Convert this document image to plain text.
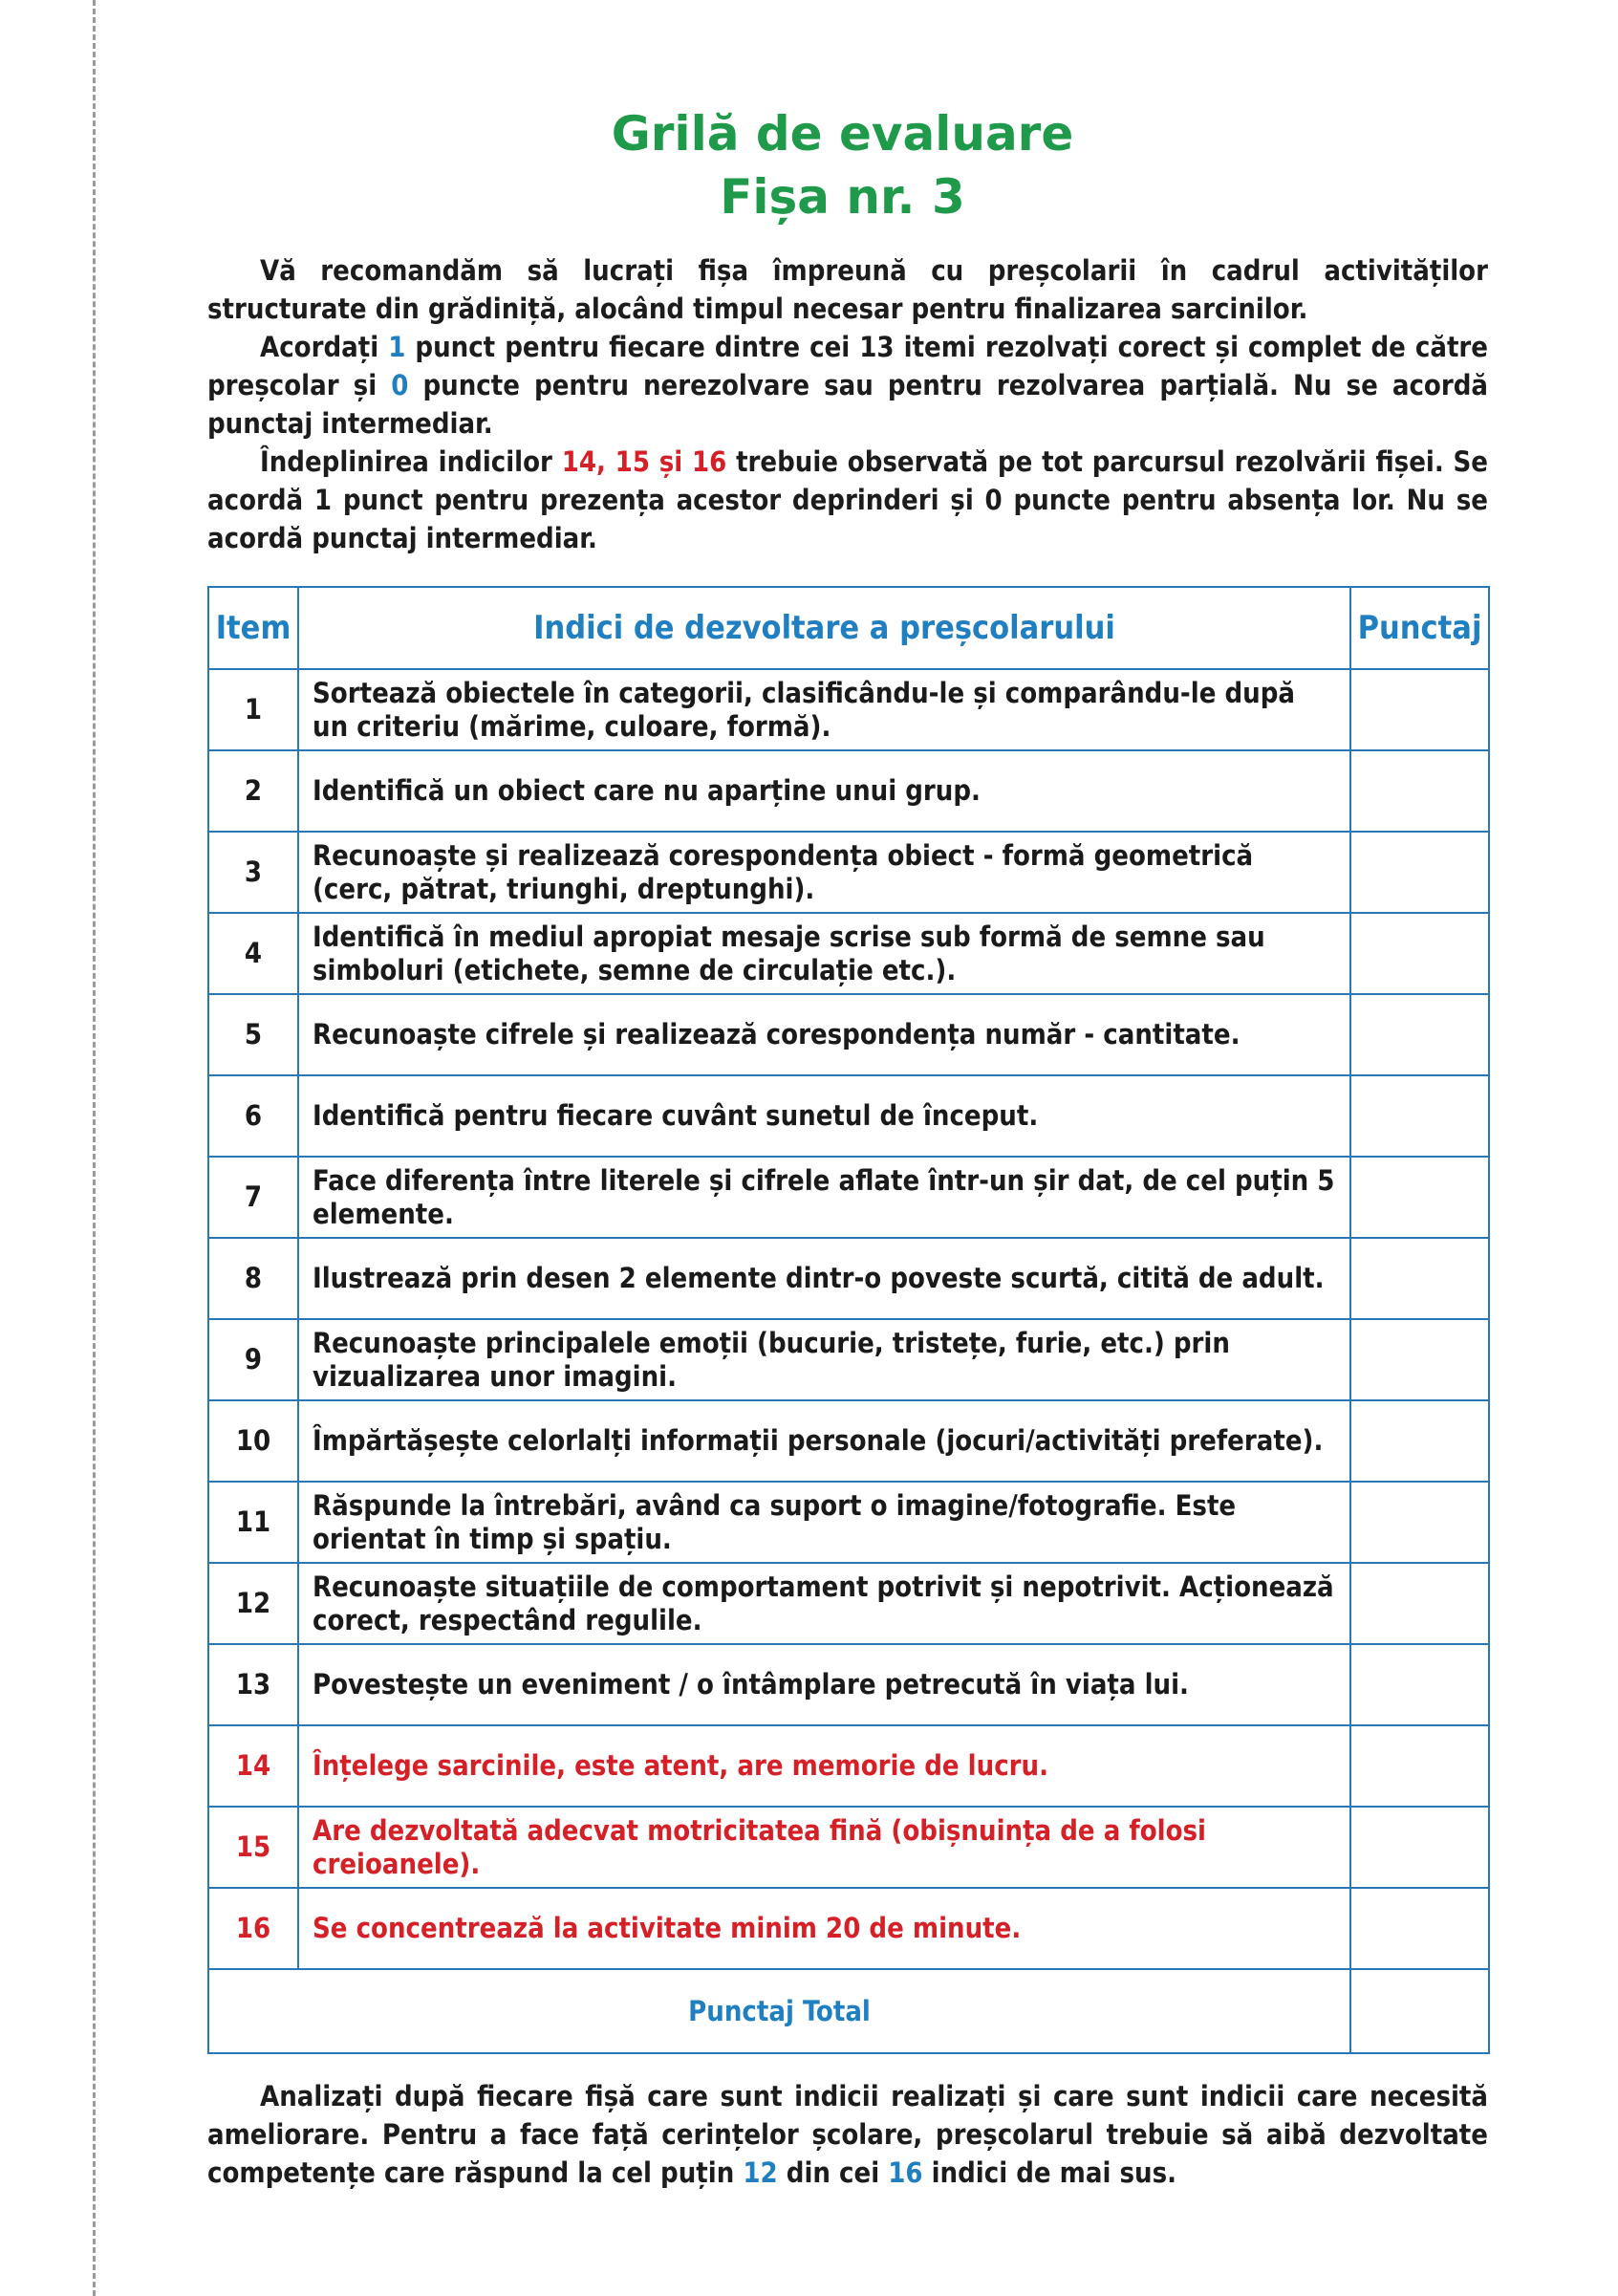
Grilă de evaluare
Fișa nr. 3

Vă recomandăm să lucrați fișa împreună cu preșcolarii în cadrul activităților structurate din grădiniță, alocând timpul necesar pentru finalizarea sarcinilor.

Acordați 1 punct pentru fiecare dintre cei 13 itemi rezolvați corect și complet de către preșcolar și 0 puncte pentru nerezolvare sau pentru rezolvarea parțială. Nu se acordă punctaj intermediar.

Îndeplinirea indicilor 14, 15 și 16 trebuie observată pe tot parcursul rezolvării fișei. Se acordă 1 punct pentru prezența acestor deprinderi și 0 puncte pentru absența lor. Nu se acordă punctaj intermediar.

Item	Indici de dezvoltare a preșcolarului	Punctaj
1	Sortează obiectele în categorii, clasificându-le și comparându-le după un criteriu (mărime, culoare, formă).	
2	Identifică un obiect care nu aparține unui grup.	
3	Recunoaște și realizează corespondența obiect - formă geometrică (cerc, pătrat, triunghi, dreptunghi).	
4	Identifică în mediul apropiat mesaje scrise sub formă de semne sau simboluri (etichete, semne de circulație etc.).	
5	Recunoaște cifrele și realizează corespondența număr - cantitate.	
6	Identifică pentru fiecare cuvânt sunetul de început.	
7	Face diferența între literele și cifrele aflate într-un șir dat, de cel puțin 5 elemente.	
8	Ilustrează prin desen 2 elemente dintr-o poveste scurtă, citită de adult.	
9	Recunoaște principalele emoții (bucurie, tristețe, furie, etc.) prin vizualizarea unor imagini.	
10	Împărtășește celorlalți informații personale (jocuri/activități preferate).	
11	Răspunde la întrebări, având ca suport o imagine/fotografie. Este orientat în timp și spațiu.	
12	Recunoaște situațiile de comportament potrivit și nepotrivit. Acționează corect, respectând regulile.	
13	Povestește un eveniment / o întâmplare petrecută în viața lui.	
14	Înțelege sarcinile, este atent, are memorie de lucru.	
15	Are dezvoltată adecvat motricitatea fină (obișnuința de a folosi creioanele).	
16	Se concentrează la activitate minim 20 de minute.	
Punctaj Total		

Analizați după fiecare fișă care sunt indicii realizați și care sunt indicii care necesită ameliorare. Pentru a face față cerințelor școlare, preșcolarul trebuie să aibă dezvoltate competențe care răspund la cel puțin 12 din cei 16 indici de mai sus.
